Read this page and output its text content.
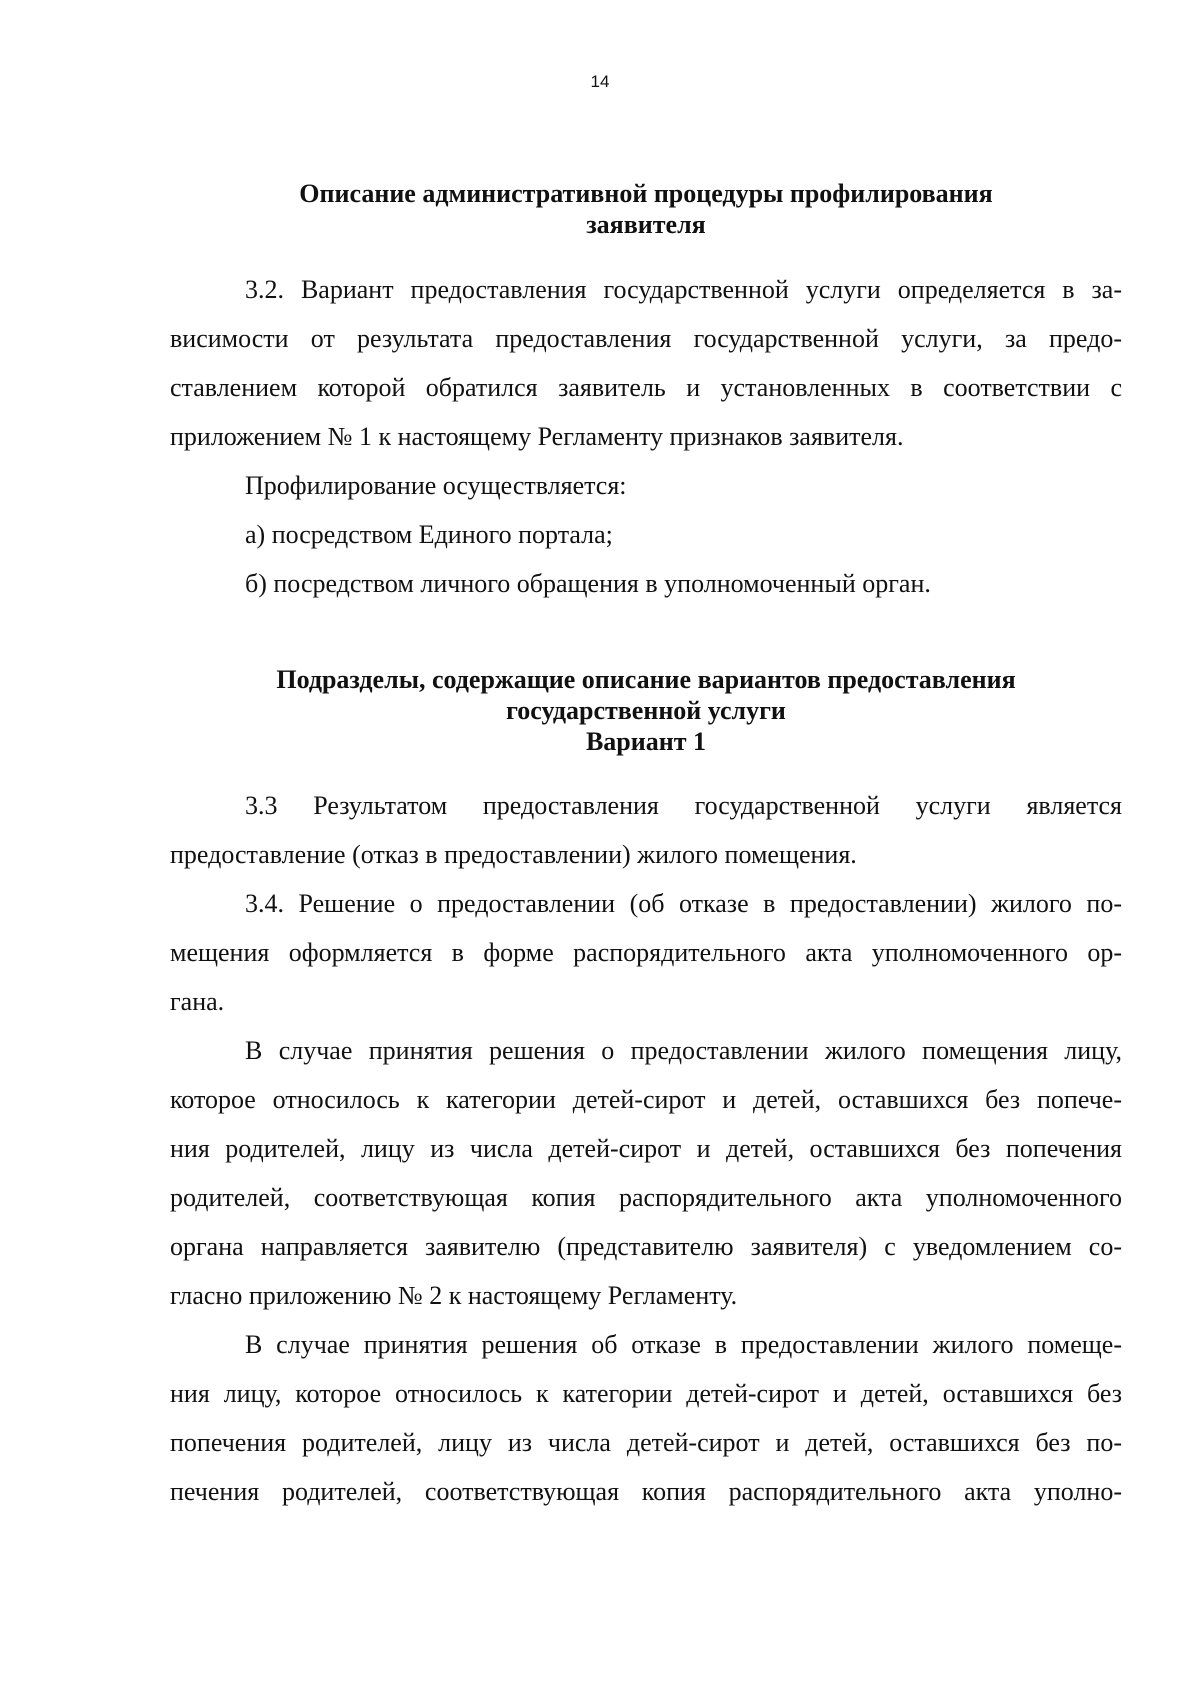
14
Описание административной процедуры профилирования
заявителя
3.2. Вариант предоставления государственной услуги определяется в за-
висимости от результата предоставления государственной услуги, за предо-
ставлением которой обратился заявитель и установленных в соответствии с
приложением № 1 к настоящему Регламенту признаков заявителя.
Профилирование осуществляется:
а) посредством Единого портала;
б) посредством личного обращения в уполномоченный орган.
Подразделы, содержащие описание вариантов предоставления
государственной услуги
Вариант 1
3.3 Результатом предоставления государственной услуги является
предоставление (отказ в предоставлении) жилого помещения.
3.4. Решение о предоставлении (об отказе в предоставлении) жилого по-
мещения оформляется в форме распорядительного акта уполномоченного ор-
гана.
В случае принятия решения о предоставлении жилого помещения лицу,
которое относилось к категории детей-сирот и детей, оставшихся без попече-
ния родителей, лицу из числа детей-сирот и детей, оставшихся без попечения
родителей, соответствующая копия распорядительного акта уполномоченного
органа направляется заявителю (представителю заявителя) с уведомлением со-
гласно приложению № 2 к настоящему Регламенту.
В случае принятия решения об отказе в предоставлении жилого помеще-
ния лицу, которое относилось к категории детей-сирот и детей, оставшихся без
попечения родителей, лицу из числа детей-сирот и детей, оставшихся без по-
печения родителей, соответствующая копия распорядительного акта уполно-
